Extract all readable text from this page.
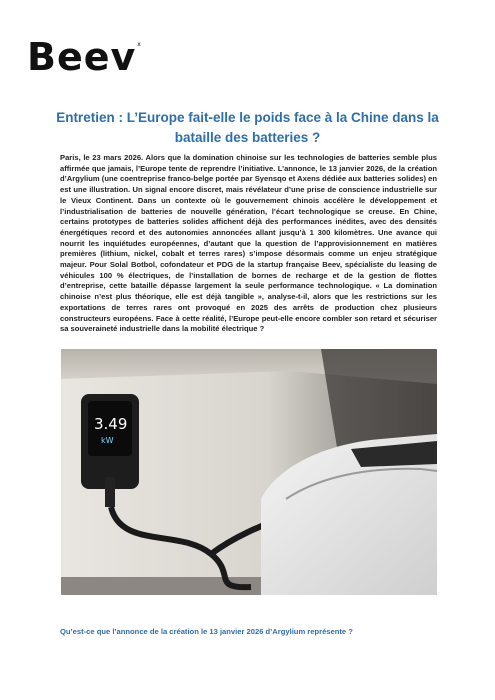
Beev$^x$
Entretien : L’Europe fait-elle le poids face à la Chine dans la bataille des batteries ?
Paris, le 23 mars 2026. Alors que la domination chinoise sur les technologies de batteries semble plus affirmée que jamais, l’Europe tente de reprendre l’initiative. L’annonce, le 13 janvier 2026, de la création d’Argylium (une coentreprise franco-belge portée par Syensqo et Axens dédiée aux batteries solides) en est une illustration. Un signal encore discret, mais révélateur d’une prise de conscience industrielle sur le Vieux Continent. Dans un contexte où le gouvernement chinois accélère le développement et l’industrialisation de batteries de nouvelle génération, l’écart technologique se creuse. En Chine, certains prototypes de batteries solides affichent déjà des performances inédites, avec des densités énergétiques record et des autonomies annoncées allant jusqu’à 1 300 kilomètres. Une avance qui nourrit les inquiétudes européennes, d’autant que la question de l’approvisionnement en matières premières (lithium, nickel, cobalt et terres rares) s’impose désormais comme un enjeu stratégique majeur. Pour Solal Botbol, cofondateur et PDG de la startup française Beev, spécialiste du leasing de véhicules 100 % électriques, de l’installation de bornes de recharge et de la gestion de flottes d’entreprise, cette bataille dépasse largement la seule performance technologique. « La domination chinoise n’est plus théorique, elle est déjà tangible », analyse-t-il, alors que les restrictions sur les exportations de terres rares ont provoqué en 2025 des arrêts de production chez plusieurs constructeurs européens. Face à cette réalité, l’Europe peut-elle encore combler son retard et sécuriser sa souveraineté industrielle dans la mobilité électrique ?
3.49
kW
Qu’est-ce que l’annonce de la création le 13 janvier 2026 d’Argylium représente ?
